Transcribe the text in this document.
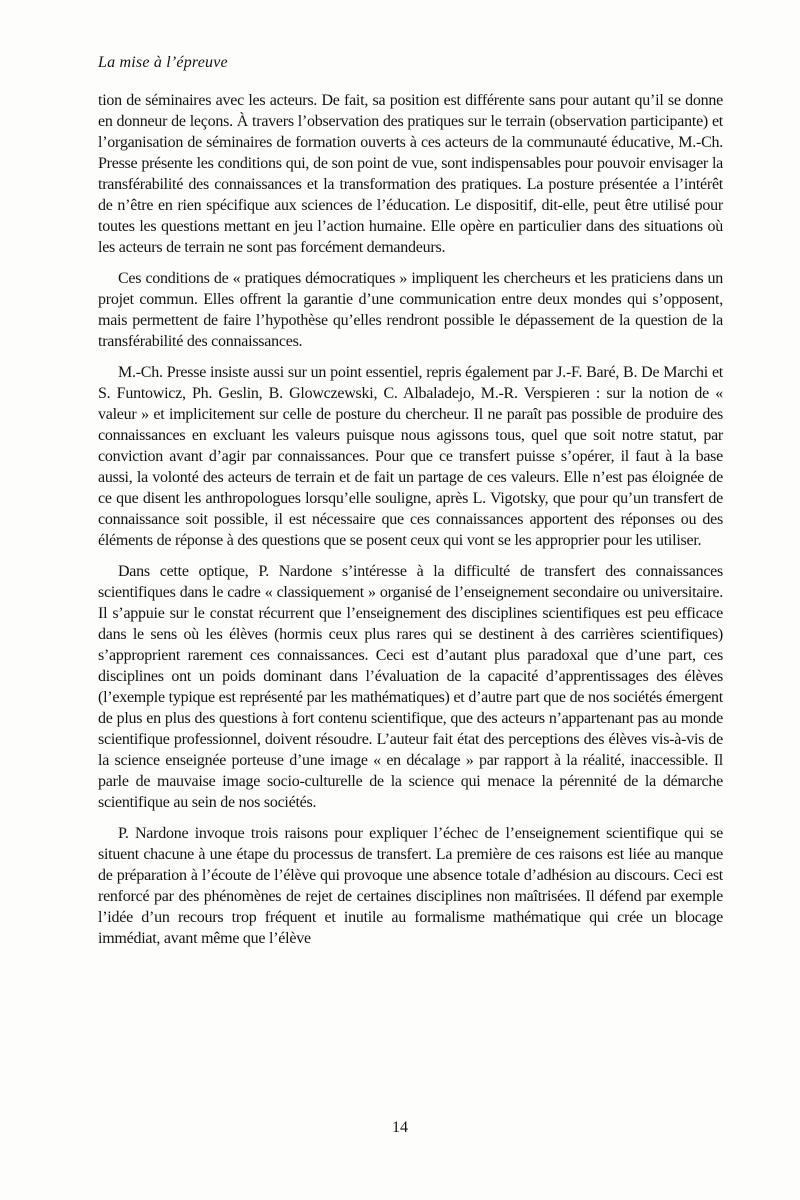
La mise à l’épreuve

tion de séminaires avec les acteurs. De fait, sa position est différente sans pour autant qu’il se donne en donneur de leçons. À travers l’observation des pratiques sur le terrain (observation participante) et l’organisation de séminaires de formation ouverts à ces acteurs de la communauté éducative, M.-Ch. Presse présente les conditions qui, de son point de vue, sont indispensables pour pouvoir envisager la transférabilité des connaissances et la transformation des pratiques. La posture présentée a l’intérêt de n’être en rien spécifique aux sciences de l’éducation. Le dispositif, dit-elle, peut être utilisé pour toutes les questions mettant en jeu l’action humaine. Elle opère en particulier dans des situations où les acteurs de terrain ne sont pas forcément demandeurs.

Ces conditions de « pratiques démocratiques » impliquent les chercheurs et les praticiens dans un projet commun. Elles offrent la garantie d’une communication entre deux mondes qui s’opposent, mais permettent de faire l’hypothèse qu’elles rendront possible le dépassement de la question de la transférabilité des connaissances.

M.-Ch. Presse insiste aussi sur un point essentiel, repris également par J.-F. Baré, B. De Marchi et S. Funtowicz, Ph. Geslin, B. Glowczewski, C. Albaladejo, M.-R. Verspieren : sur la notion de « valeur » et implicitement sur celle de posture du chercheur. Il ne paraît pas possible de produire des connaissances en excluant les valeurs puisque nous agissons tous, quel que soit notre statut, par conviction avant d’agir par connaissances. Pour que ce transfert puisse s’opérer, il faut à la base aussi, la volonté des acteurs de terrain et de fait un partage de ces valeurs. Elle n’est pas éloignée de ce que disent les anthropologues lorsqu’elle souligne, après L. Vigotsky, que pour qu’un transfert de connaissance soit possible, il est nécessaire que ces connaissances apportent des réponses ou des éléments de réponse à des questions que se posent ceux qui vont se les approprier pour les utiliser.

Dans cette optique, P. Nardone s’intéresse à la difficulté de transfert des connaissances scientifiques dans le cadre « classiquement » organisé de l’enseignement secondaire ou universitaire. Il s’appuie sur le constat récurrent que l’enseignement des disciplines scientifiques est peu efficace dans le sens où les élèves (hormis ceux plus rares qui se destinent à des carrières scientifiques) s’approprient rarement ces connaissances. Ceci est d’autant plus paradoxal que d’une part, ces disciplines ont un poids dominant dans l’évaluation de la capacité d’apprentissages des élèves (l’exemple typique est représenté par les mathématiques) et d’autre part que de nos sociétés émergent de plus en plus des questions à fort contenu scientifique, que des acteurs n’appartenant pas au monde scientifique professionnel, doivent résoudre. L’auteur fait état des perceptions des élèves vis-à-vis de la science enseignée porteuse d’une image « en décalage » par rapport à la réalité, inaccessible. Il parle de mauvaise image socio-culturelle de la science qui menace la pérennité de la démarche scientifique au sein de nos sociétés.

P. Nardone invoque trois raisons pour expliquer l’échec de l’enseignement scientifique qui se situent chacune à une étape du processus de transfert. La première de ces raisons est liée au manque de préparation à l’écoute de l’élève qui provoque une absence totale d’adhésion au discours. Ceci est renforcé par des phénomènes de rejet de certaines disciplines non maîtrisées. Il défend par exemple l’idée d’un recours trop fréquent et inutile au formalisme mathématique qui crée un blocage immédiat, avant même que l’élève

14
